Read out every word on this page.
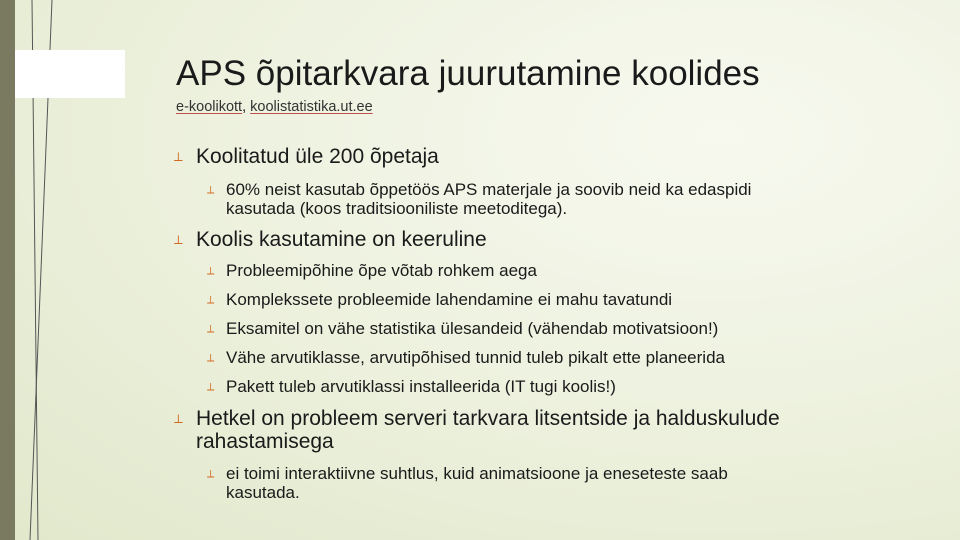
APS õpitarkvara juurutamine koolides
e-koolikott, koolistatistika.ut.ee
⟂ Koolitatud üle 200 õpetaja
⟂ 60% neist kasutab õppetöös APS materjale ja soovib neid ka edaspidi
kasutada (koos traditsiooniliste meetoditega).
⟂ Koolis kasutamine on keeruline
⟂ Probleemipõhine õpe võtab rohkem aega
⟂ Komplekssete probleemide lahendamine ei mahu tavatundi
⟂ Eksamitel on vähe statistika ülesandeid (vähendab motivatsioon!)
⟂ Vähe arvutiklasse, arvutipõhised tunnid tuleb pikalt ette planeerida
⟂ Pakett tuleb arvutiklassi installeerida (IT tugi koolis!)
⟂ Hetkel on probleem serveri tarkvara litsentside ja halduskulude
rahastamisega
⟂ ei toimi interaktiivne suhtlus, kuid animatsioone ja eneseteste saab
kasutada.
